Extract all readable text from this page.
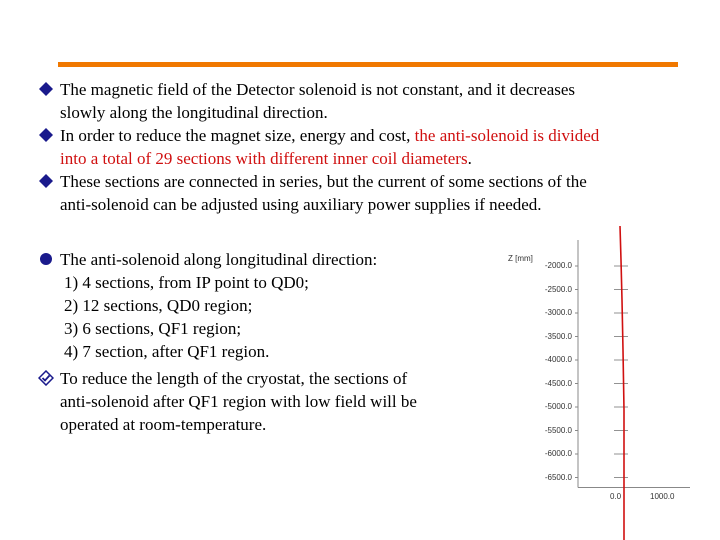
The magnetic field of the Detector solenoid is not constant, and it decreases
slowly along the longitudinal direction.
In order to reduce the magnet size, energy and cost, the anti-solenoid is divided
into a total of 29 sections with different inner coil diameters.
These sections are connected in series, but the current of some sections of the
anti-solenoid can be adjusted using auxiliary power supplies if needed.
The anti-solenoid along longitudinal direction:
1) 4 sections, from IP point to QD0;
2) 12 sections, QD0 region;
3) 6 sections, QF1 region;
4) 7 section, after QF1 region.
To reduce the length of the cryostat, the sections of
anti-solenoid after QF1 region with low field will be
operated at room-temperature.
Z [mm]
-2000.0
-2500.0
-3000.0
-3500.0
-4000.0
-4500.0
-5000.0
-5500.0
-6000.0
-6500.0
0.0	1000.0
